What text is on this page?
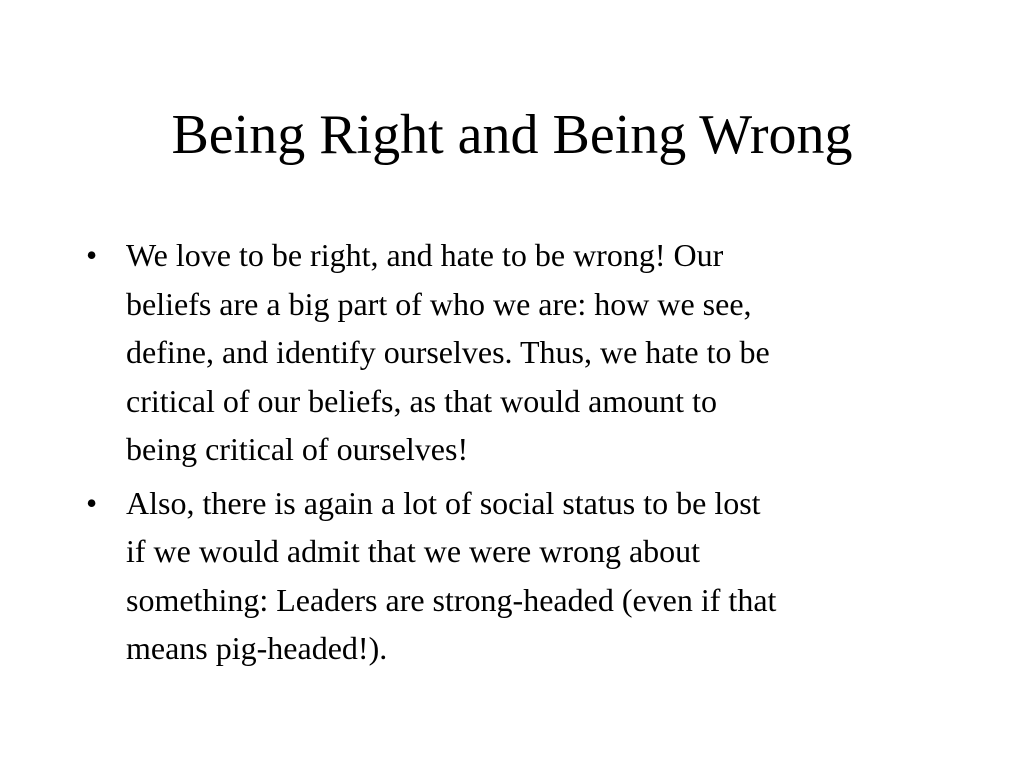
Being Right and Being Wrong
• We love to be right, and hate to be wrong! Our
beliefs are a big part of who we are: how we see,
define, and identify ourselves. Thus, we hate to be
critical of our beliefs, as that would amount to
being critical of ourselves!
• Also, there is again a lot of social status to be lost
if we would admit that we were wrong about
something: Leaders are strong-headed (even if that
means pig-headed!).
